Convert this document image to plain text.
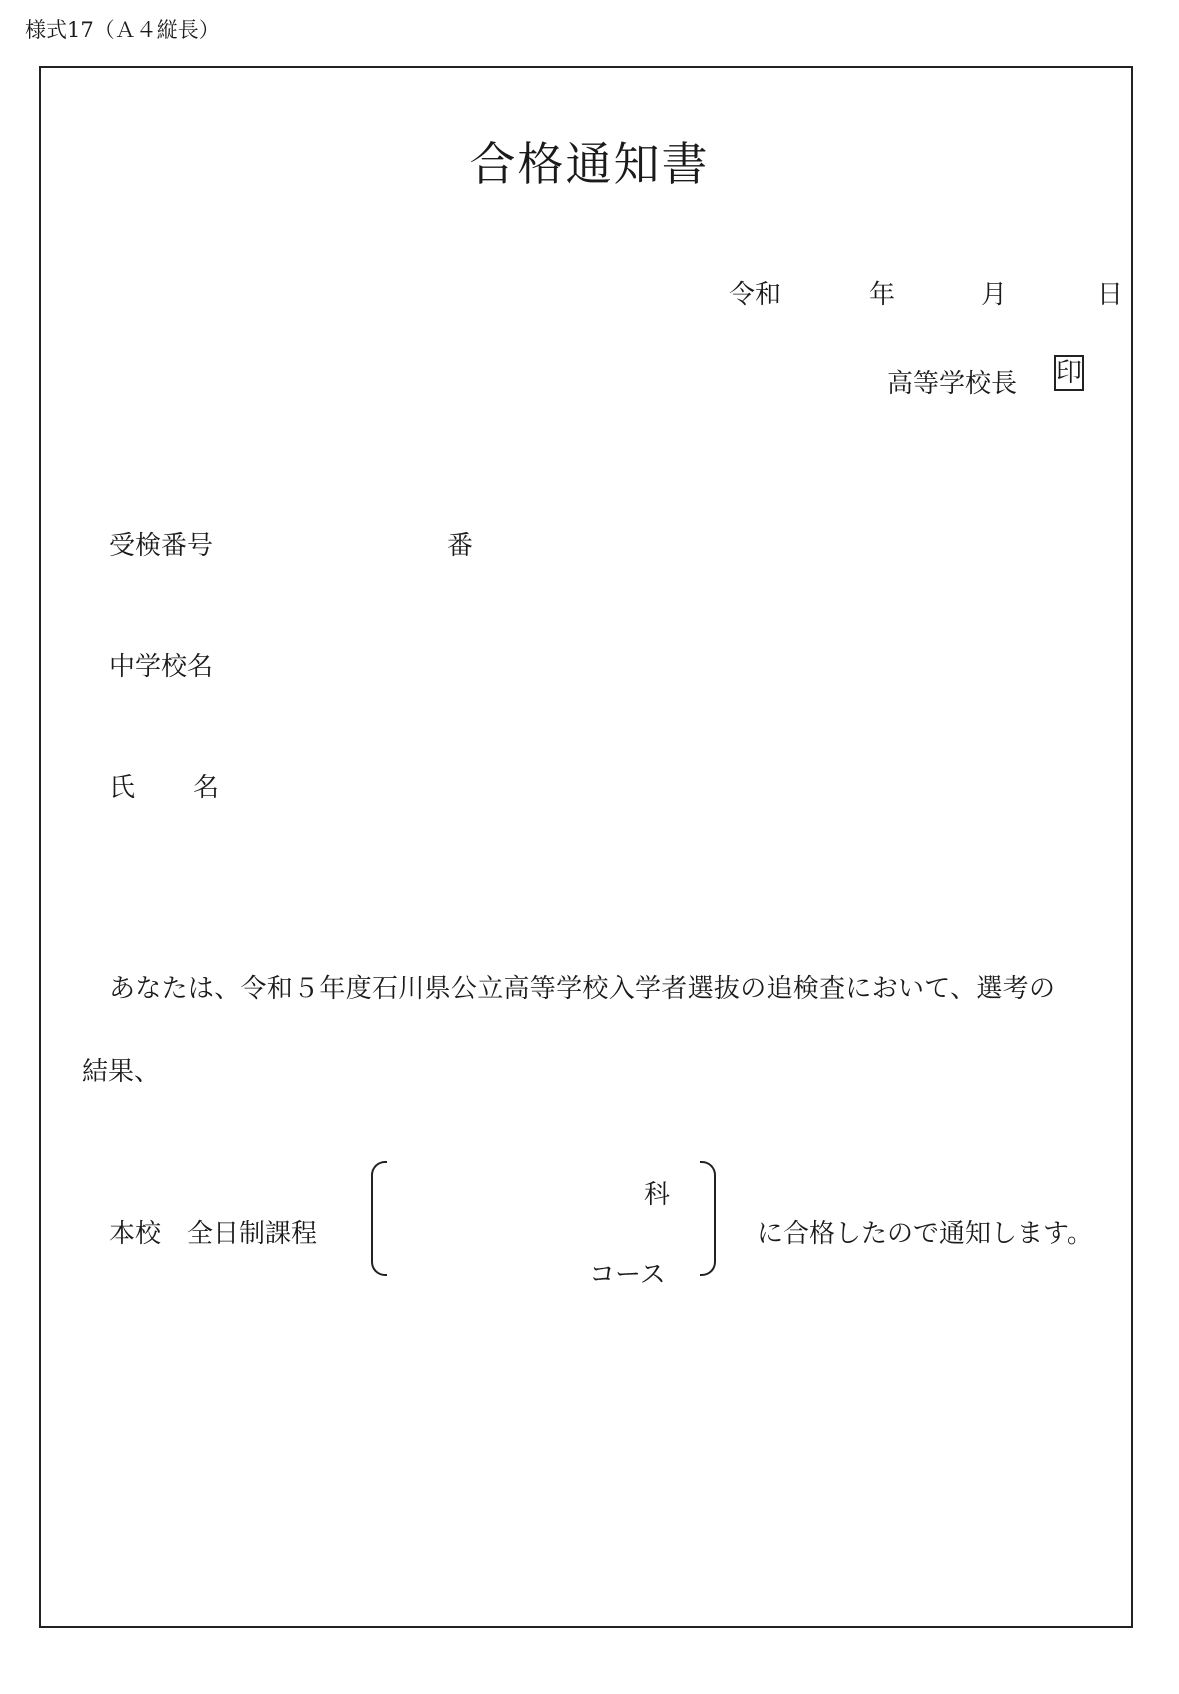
様式17（Ａ４縦長）
合格通知書
令和	年	月	日
高等学校長 印
受検番号	番
中学校名
氏 名
あなたは、令和５年度石川県公立高等学校入学者選抜の追検査において、選考の
結果、
本校　全日制課程
科
コース
に合格したので通知します。
